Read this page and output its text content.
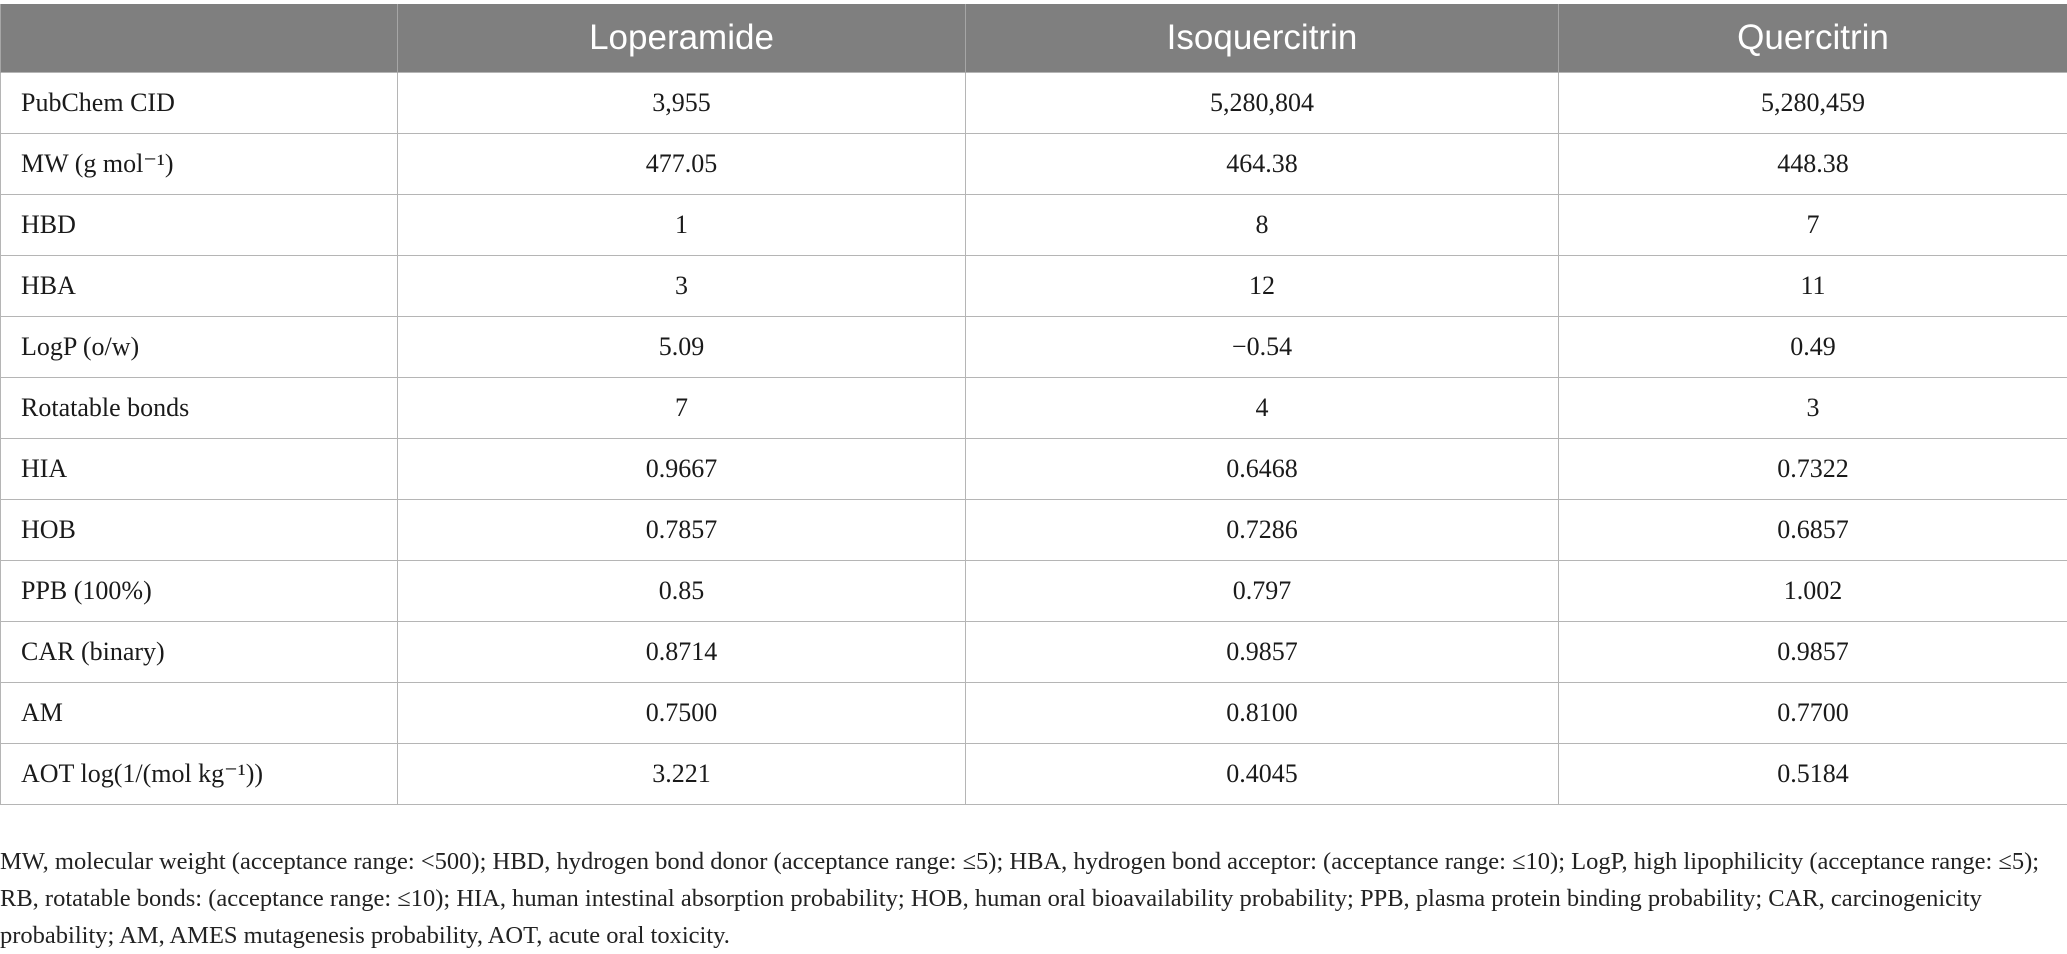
	Loperamide	Isoquercitrin	Quercitrin
PubChem CID	3,955	5,280,804	5,280,459
MW (g mol⁻¹)	477.05	464.38	448.38
HBD	1	8	7
HBA	3	12	11
LogP (o/w)	5.09	−0.54	0.49
Rotatable bonds	7	4	3
HIA	0.9667	0.6468	0.7322
HOB	0.7857	0.7286	0.6857
PPB (100%)	0.85	0.797	1.002
CAR (binary)	0.8714	0.9857	0.9857
AM	0.7500	0.8100	0.7700
AOT log(1/(mol kg⁻¹))	3.221	0.4045	0.5184

MW, molecular weight (acceptance range: <500); HBD, hydrogen bond donor (acceptance range: ≤5); HBA, hydrogen bond acceptor: (acceptance range: ≤10); LogP, high lipophilicity (acceptance range: ≤5); RB, rotatable bonds: (acceptance range: ≤10); HIA, human intestinal absorption probability; HOB, human oral bioavailability probability; PPB, plasma protein binding probability; CAR, carcinogenicity probability; AM, AMES mutagenesis probability, AOT, acute oral toxicity.
